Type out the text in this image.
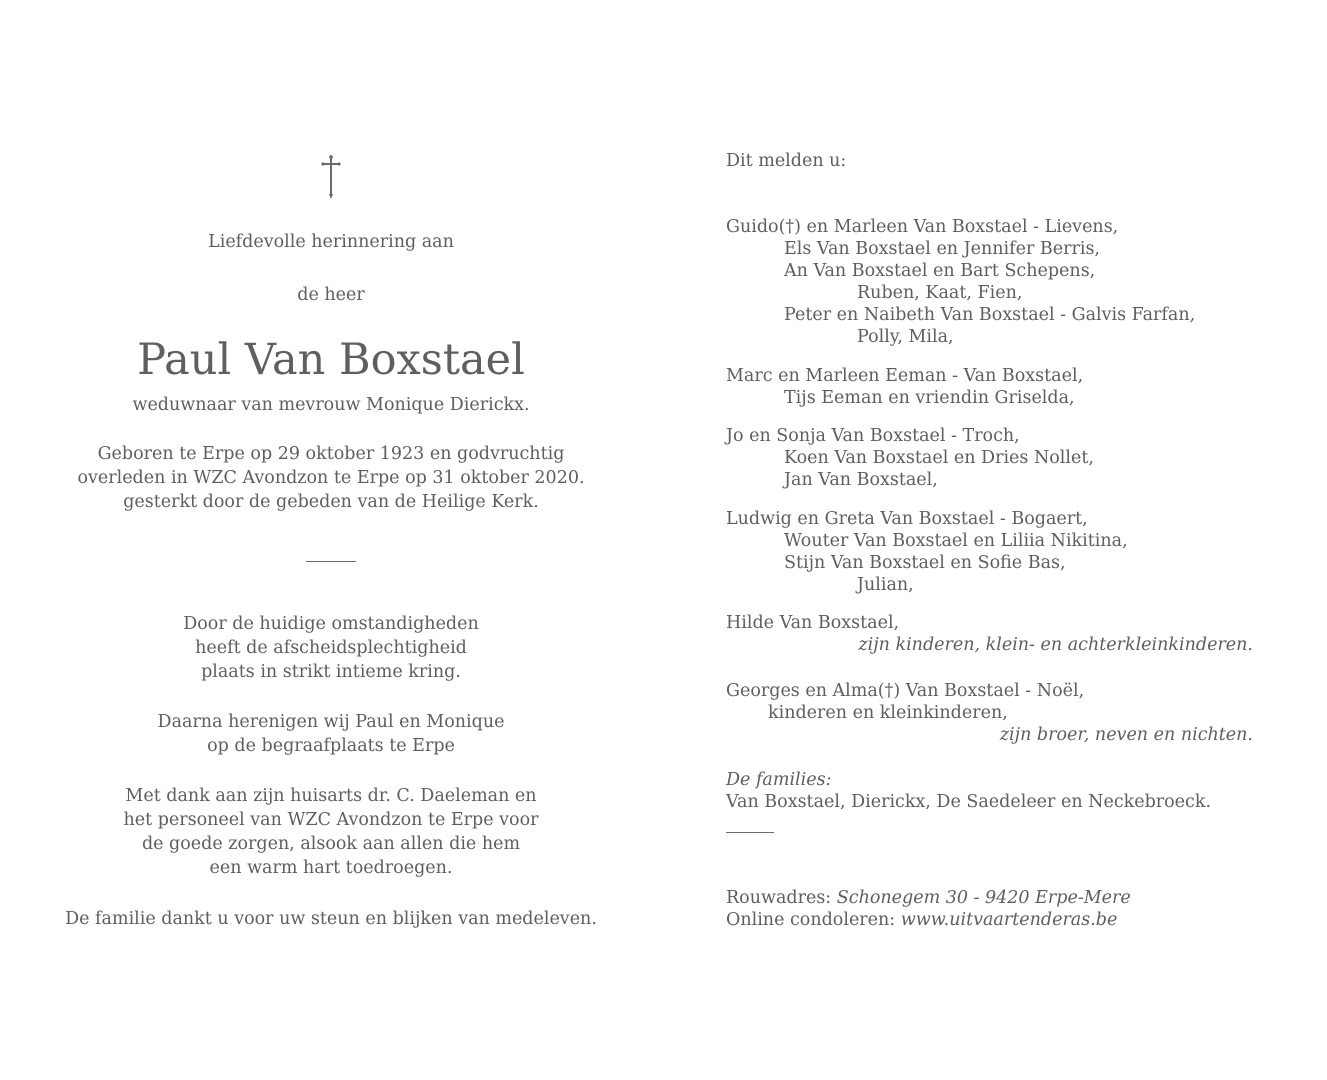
Liefdevolle herinnering aan
de heer
Paul Van Boxstael
weduwnaar van mevrouw Monique Dierickx.
Geboren te Erpe op 29 oktober 1923 en godvruchtig
overleden in WZC Avondzon te Erpe op 31 oktober 2020.
gesterkt door de gebeden van de Heilige Kerk.
Door de huidige omstandigheden
heeft de afscheidsplechtigheid
plaats in strikt intieme kring.
Daarna herenigen wij Paul en Monique
op de begraafplaats te Erpe
Met dank aan zijn huisarts dr. C. Daeleman en
het personeel van WZC Avondzon te Erpe voor
de goede zorgen, alsook aan allen die hem
een warm hart toedroegen.
De familie dankt u voor uw steun en blijken van medeleven.
Dit melden u:
Guido(†) en Marleen Van Boxstael - Lievens,
Els Van Boxstael en Jennifer Berris,
An Van Boxstael en Bart Schepens,
Ruben, Kaat, Fien,
Peter en Naibeth Van Boxstael - Galvis Farfan,
Polly, Mila,
Marc en Marleen Eeman - Van Boxstael,
Tijs Eeman en vriendin Griselda,
Jo en Sonja Van Boxstael - Troch,
Koen Van Boxstael en Dries Nollet,
Jan Van Boxstael,
Ludwig en Greta Van Boxstael - Bogaert,
Wouter Van Boxstael en Liliia Nikitina,
Stijn Van Boxstael en Sofie Bas,
Julian,
Hilde Van Boxstael,
zijn kinderen, klein- en achterkleinkinderen.
Georges en Alma(†) Van Boxstael - Noël,
kinderen en kleinkinderen,
zijn broer, neven en nichten.
De families:
Van Boxstael, Dierickx, De Saedeleer en Neckebroeck.
Rouwadres: Schonegem 30 - 9420 Erpe-Mere
Online condoleren: www.uitvaartenderas.be
